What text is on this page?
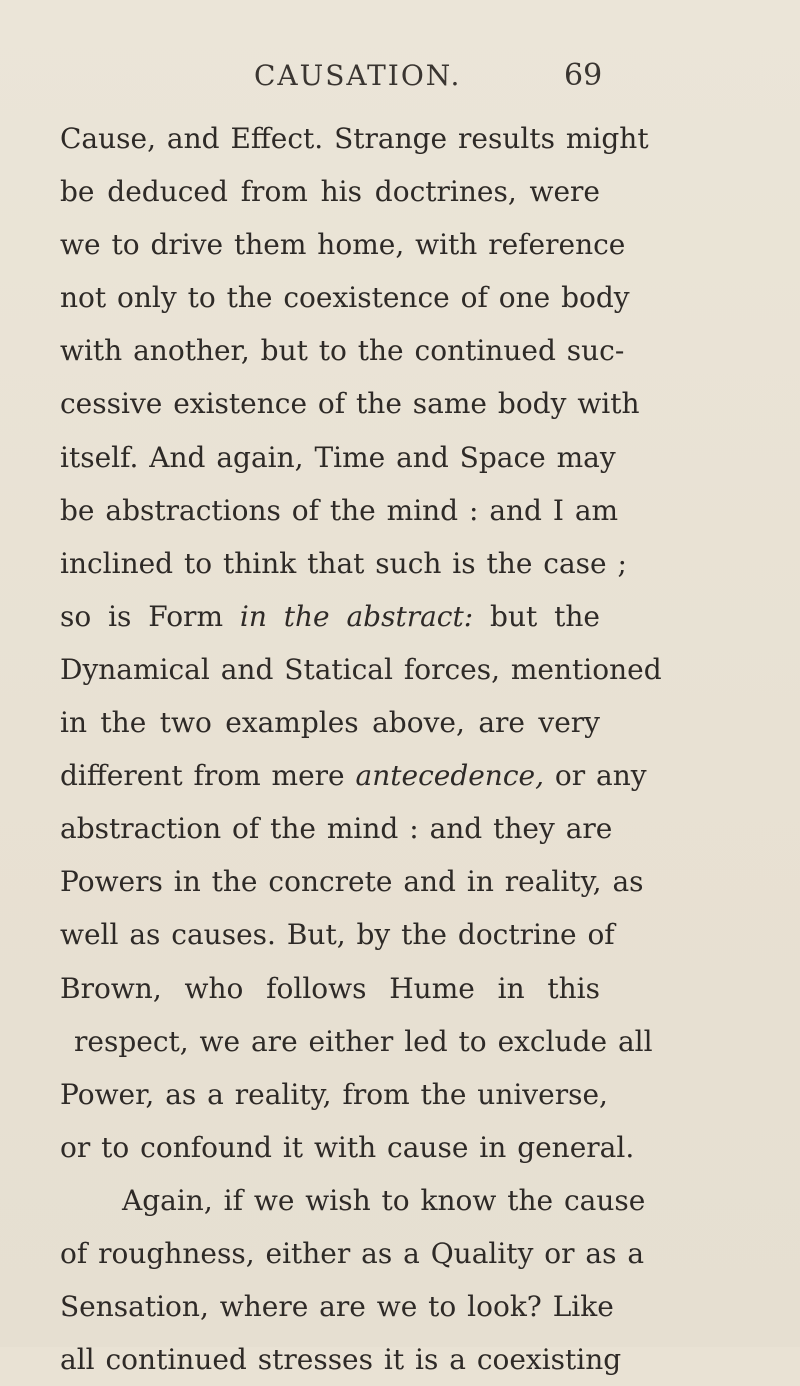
CAUSATION.	69
Cause, and Effect. Strange results might
be deduced from his doctrines, were
we to drive them home, with reference
not only to the coexistence of one body
with another, but to the continued suc-
cessive existence of the same body with
itself. And again, Time and Space may
be abstractions of the mind : and I am
inclined to think that such is the case ;
so is Form in the abstract: but the
Dynamical and Statical forces, mentioned
in the two examples above, are very
different from mere antecedence, or any
abstraction of the mind : and they are
Powers in the concrete and in reality, as
well as causes. But, by the doctrine of
Brown, who follows Hume in this
respect, we are either led to exclude all
Power, as a reality, from the universe,
or to confound it with cause in general.
Again, if we wish to know the cause
of roughness, either as a Quality or as a
Sensation, where are we to look? Like
all continued stresses it is a coexisting
